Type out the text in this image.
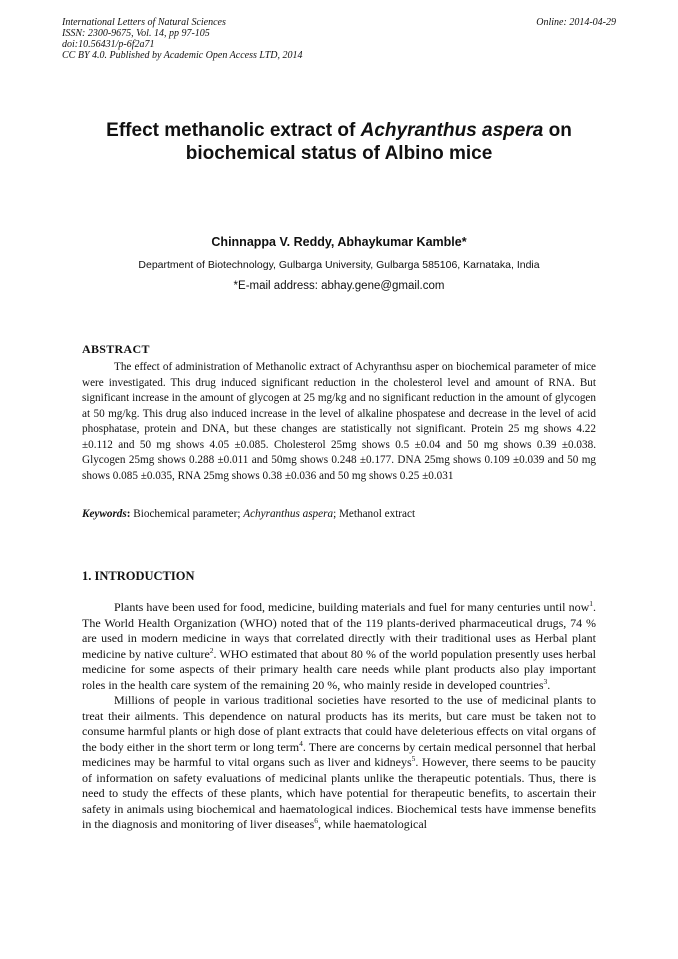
International Letters of Natural Sciences
ISSN: 2300-9675, Vol. 14, pp 97-105
doi:10.56431/p-6f2a71
CC BY 4.0. Published by Academic Open Access LTD, 2014
Online: 2014-04-29
Effect methanolic extract of Achyranthus aspera on biochemical status of Albino mice
Chinnappa V. Reddy, Abhaykumar Kamble*
Department of Biotechnology, Gulbarga University, Gulbarga 585106, Karnataka, India
*E-mail address: abhay.gene@gmail.com
ABSTRACT

The effect of administration of Methanolic extract of Achyranthsu asper on biochemical parameter of mice were investigated. This drug induced significant reduction in the cholesterol level and amount of RNA. But significant increase in the amount of glycogen at 25 mg/kg and no significant reduction in the amount of glycogen at 50 mg/kg. This drug also induced increase in the level of alkaline phospatese and decrease in the level of acid phosphatase, protein and DNA, but these changes are statistically not significant. Protein 25 mg shows 4.22 ±0.112 and 50 mg shows 4.05 ±0.085. Cholesterol 25mg shows 0.5 ±0.04 and 50 mg shows 0.39 ±0.038. Glycogen 25mg shows 0.288 ±0.011 and 50mg shows 0.248 ±0.177. DNA 25mg shows 0.109 ±0.039 and 50 mg shows 0.085 ±0.035, RNA 25mg shows 0.38 ±0.036 and 50 mg shows 0.25 ±0.031

Keywords: Biochemical parameter; Achyranthus aspera; Methanol extract
1. INTRODUCTION

Plants have been used for food, medicine, building materials and fuel for many centuries until now$^1$. The World Health Organization (WHO) noted that of the 119 plants-derived pharmaceutical drugs, 74 % are used in modern medicine in ways that correlated directly with their traditional uses as Herbal plant medicine by native culture$^2$. WHO estimated that about 80 % of the world population presently uses herbal medicine for some aspects of their primary health care needs while plant products also play important roles in the health care system of the remaining 20 %, who mainly reside in developed countries$^3$.

Millions of people in various traditional societies have resorted to the use of medicinal plants to treat their ailments. This dependence on natural products has its merits, but care must be taken not to consume harmful plants or high dose of plant extracts that could have deleterious effects on vital organs of the body either in the short term or long term$^4$. There are concerns by certain medical personnel that herbal medicines may be harmful to vital organs such as liver and kidneys$^5$. However, there seems to be paucity of information on safety evaluations of medicinal plants unlike the therapeutic potentials. Thus, there is need to study the effects of these plants, which have potential for therapeutic benefits, to ascertain their safety in animals using biochemical and haematological indices. Biochemical tests have immense benefits in the diagnosis and monitoring of liver diseases$^6$, while haematological
